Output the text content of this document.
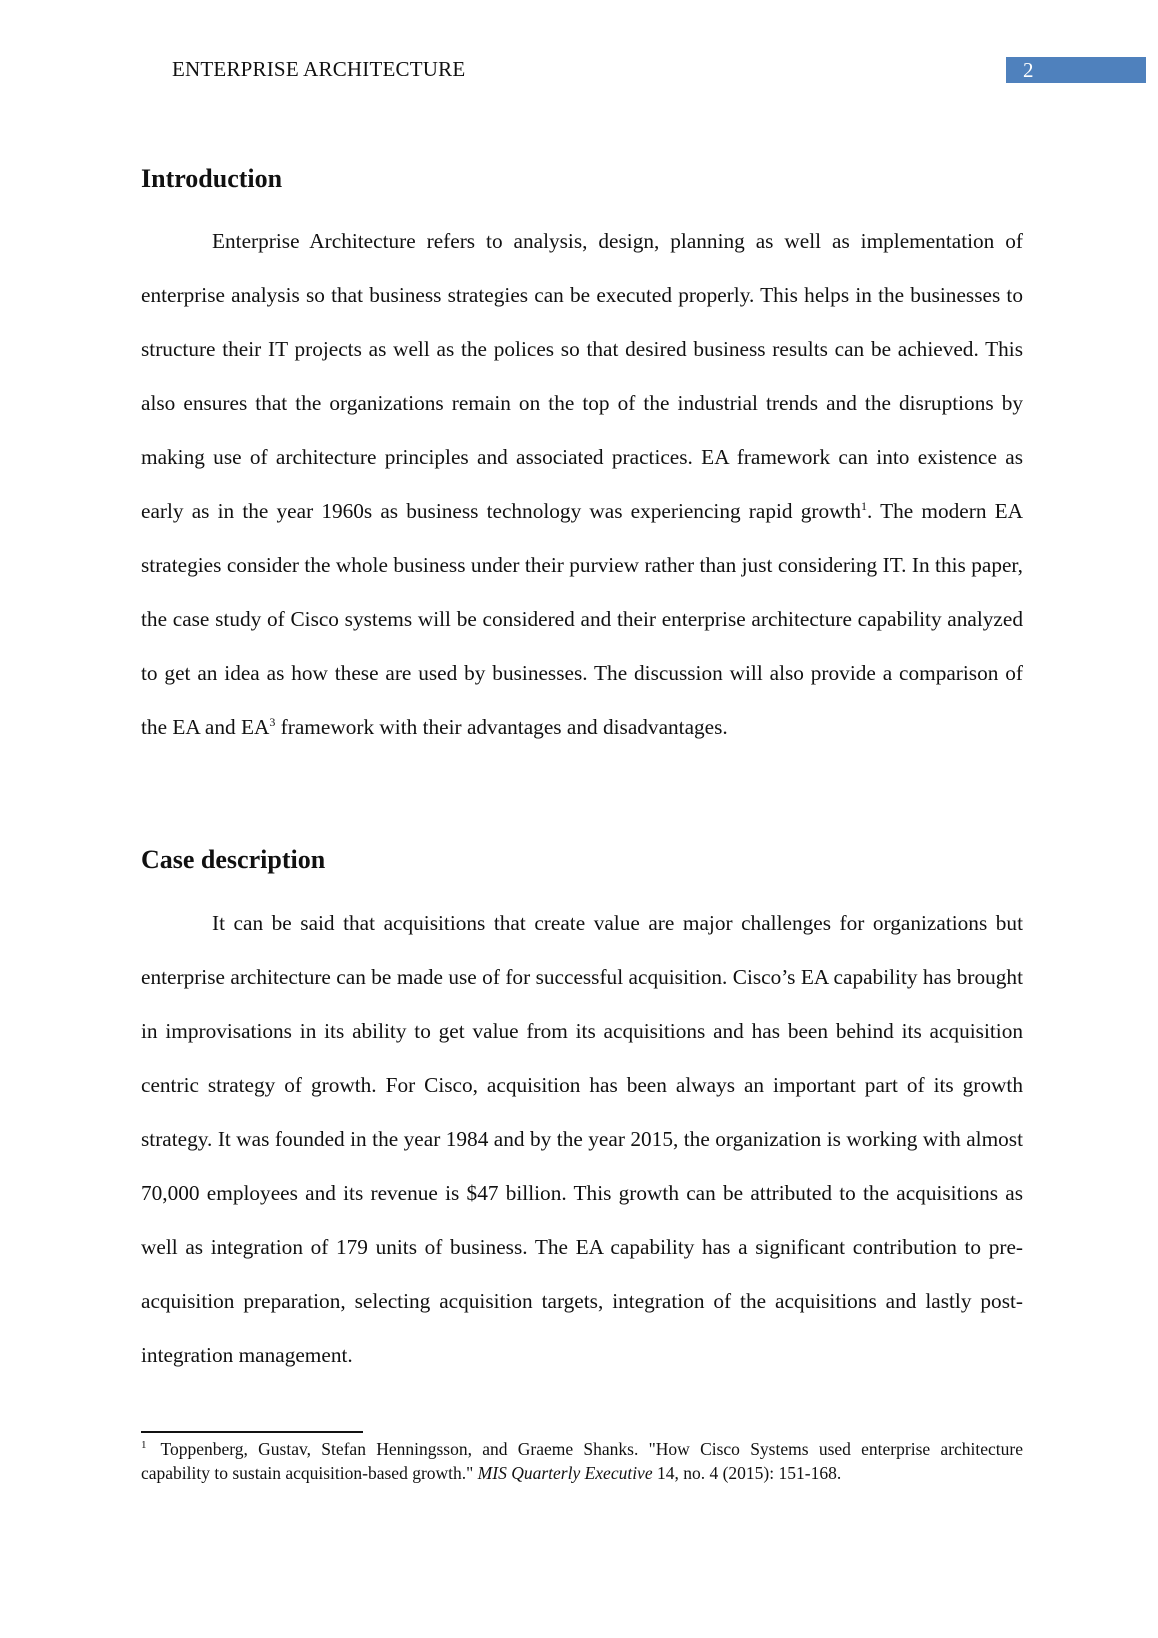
ENTERPRISE ARCHITECTURE	2
Introduction

Enterprise Architecture refers to analysis, design, planning as well as implementation of enterprise analysis so that business strategies can be executed properly. This helps in the businesses to structure their IT projects as well as the polices so that desired business results can be achieved. This also ensures that the organizations remain on the top of the industrial trends and the disruptions by making use of architecture principles and associated practices. EA framework can into existence as early as in the year 1960s as business technology was experiencing rapid growth$^1$. The modern EA strategies consider the whole business under their purview rather than just considering IT. In this paper, the case study of Cisco systems will be considered and their enterprise architecture capability analyzed to get an idea as how these are used by businesses. The discussion will also provide a comparison of the EA and $EA^3$ framework with their advantages and disadvantages.

Case description

It can be said that acquisitions that create value are major challenges for organizations but enterprise architecture can be made use of for successful acquisition. Cisco’s EA capability has brought in improvisations in its ability to get value from its acquisitions and has been behind its acquisition centric strategy of growth. For Cisco, acquisition has been always an important part of its growth strategy. It was founded in the year 1984 and by the year 2015, the organization is working with almost 70,000 employees and its revenue is $47 billion. This growth can be attributed to the acquisitions as well as integration of 179 units of business. The EA capability has a significant contribution to pre-acquisition preparation, selecting acquisition targets, integration of the acquisitions and lastly post-integration management.

$^1$ Toppenberg, Gustav, Stefan Henningsson, and Graeme Shanks. "How Cisco Systems used enterprise architecture capability to sustain acquisition-based growth." MIS Quarterly Executive 14, no. 4 (2015): 151-168.
